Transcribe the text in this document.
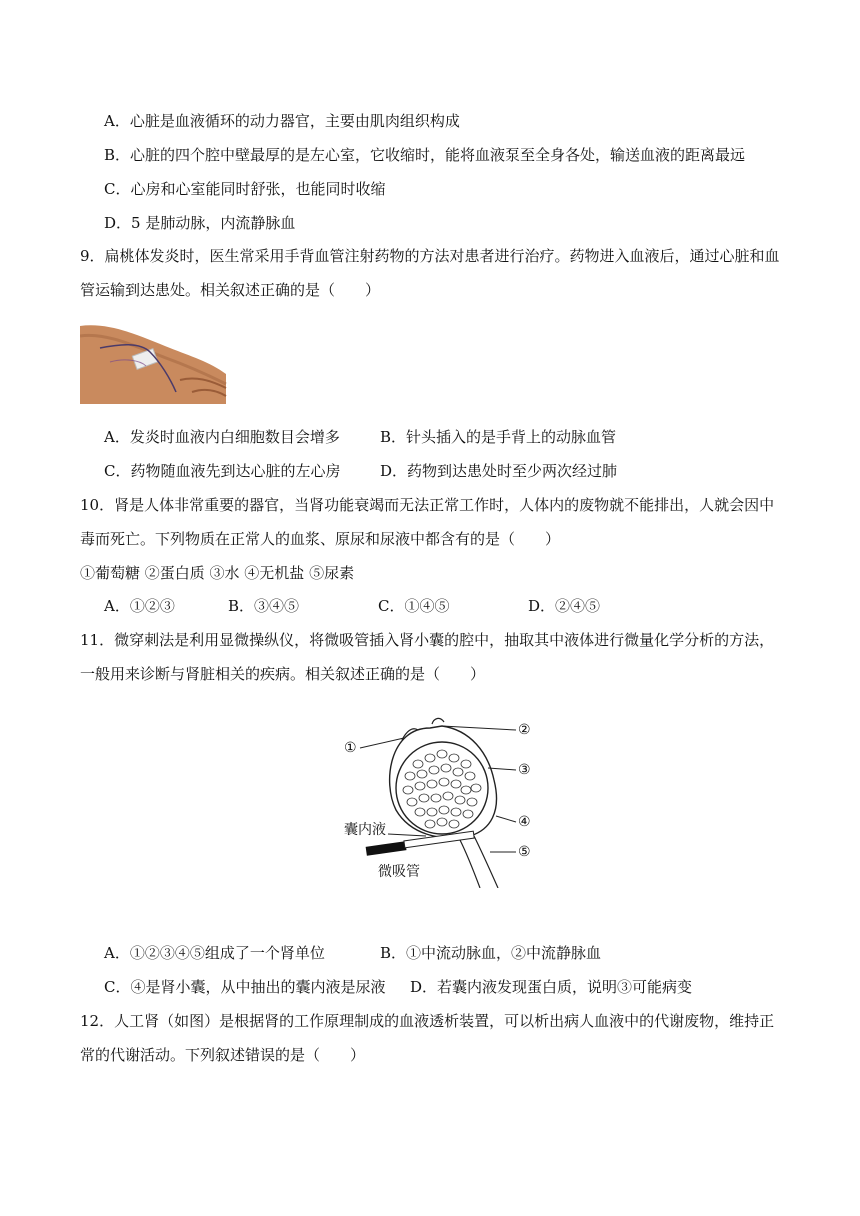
A．心脏是血液循环的动力器官，主要由肌肉组织构成
B．心脏的四个腔中壁最厚的是左心室，它收缩时，能将血液泵至全身各处，输送血液的距离最远
C．心房和心室能同时舒张，也能同时收缩
D．5 是肺动脉，内流静脉血
9．扁桃体发炎时，医生常采用手背血管注射药物的方法对患者进行治疗。药物进入血液后，通过心脏和血
管运输到达患处。相关叙述正确的是（　　）
A．发炎时血液内白细胞数目会增多	B．针头插入的是手背上的动脉血管
C．药物随血液先到达心脏的左心房	D．药物到达患处时至少两次经过肺
10．肾是人体非常重要的器官，当肾功能衰竭而无法正常工作时，人体内的废物就不能排出，人就会因中
毒而死亡。下列物质在正常人的血浆、原尿和尿液中都含有的是（　　）
①葡萄糖 ②蛋白质 ③水 ④无机盐 ⑤尿素
A．①②③	B．③④⑤	C．①④⑤	D．②④⑤
11．微穿刺法是利用显微操纵仪，将微吸管插入肾小囊的腔中，抽取其中液体进行微量化学分析的方法，
一般用来诊断与肾脏相关的疾病。相关叙述正确的是（　　）
①
②
③
④
⑤
囊内液
微吸管
A．①②③④⑤组成了一个肾单位	B．①中流动脉血，②中流静脉血
C．④是肾小囊，从中抽出的囊内液是尿液 D．若囊内液发现蛋白质，说明③可能病变
12．人工肾（如图）是根据肾的工作原理制成的血液透析装置，可以析出病人血液中的代谢废物，维持正
常的代谢活动。下列叙述错误的是（　　）
